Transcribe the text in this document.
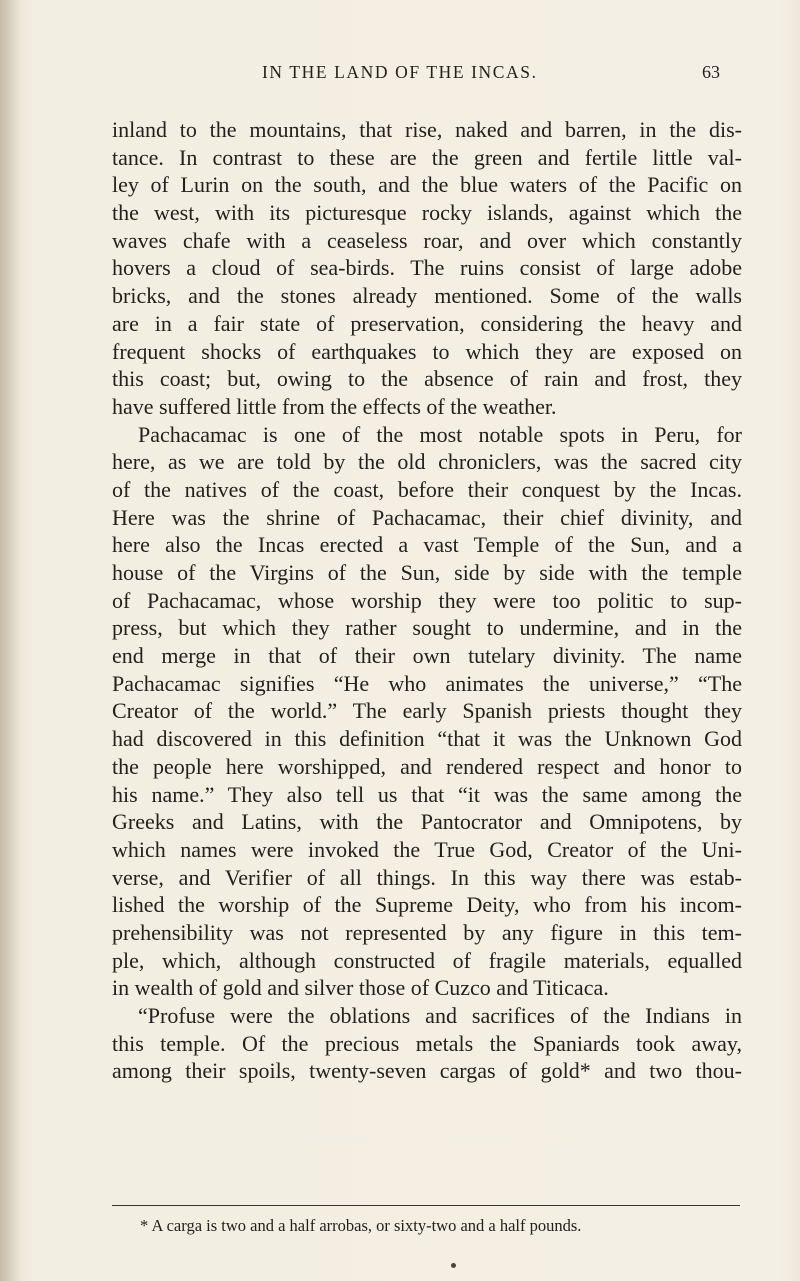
IN THE LAND OF THE INCAS.	63
inland to the mountains, that rise, naked and barren, in the dis-
tance. In contrast to these are the green and fertile little val-
ley of Lurin on the south, and the blue waters of the Pacific on
the west, with its picturesque rocky islands, against which the
waves chafe with a ceaseless roar, and over which constantly
hovers a cloud of sea-birds. The ruins consist of large adobe
bricks, and the stones already mentioned. Some of the walls
are in a fair state of preservation, considering the heavy and
frequent shocks of earthquakes to which they are exposed on
this coast; but, owing to the absence of rain and frost, they
have suffered little from the effects of the weather.
Pachacamac is one of the most notable spots in Peru, for
here, as we are told by the old chroniclers, was the sacred city
of the natives of the coast, before their conquest by the Incas.
Here was the shrine of Pachacamac, their chief divinity, and
here also the Incas erected a vast Temple of the Sun, and a
house of the Virgins of the Sun, side by side with the temple
of Pachacamac, whose worship they were too politic to sup-
press, but which they rather sought to undermine, and in the
end merge in that of their own tutelary divinity. The name
Pachacamac signifies “He who animates the universe,” “The
Creator of the world.” The early Spanish priests thought they
had discovered in this definition “that it was the Unknown God
the people here worshipped, and rendered respect and honor to
his name.” They also tell us that “it was the same among the
Greeks and Latins, with the Pantocrator and Omnipotens, by
which names were invoked the True God, Creator of the Uni-
verse, and Verifier of all things. In this way there was estab-
lished the worship of the Supreme Deity, who from his incom-
prehensibility was not represented by any figure in this tem-
ple, which, although constructed of fragile materials, equalled
in wealth of gold and silver those of Cuzco and Titicaca.
“Profuse were the oblations and sacrifices of the Indians in
this temple. Of the precious metals the Spaniards took away,
among their spoils, twenty-seven cargas of gold* and two thou-
* A carga is two and a half arrobas, or sixty-two and a half pounds.
